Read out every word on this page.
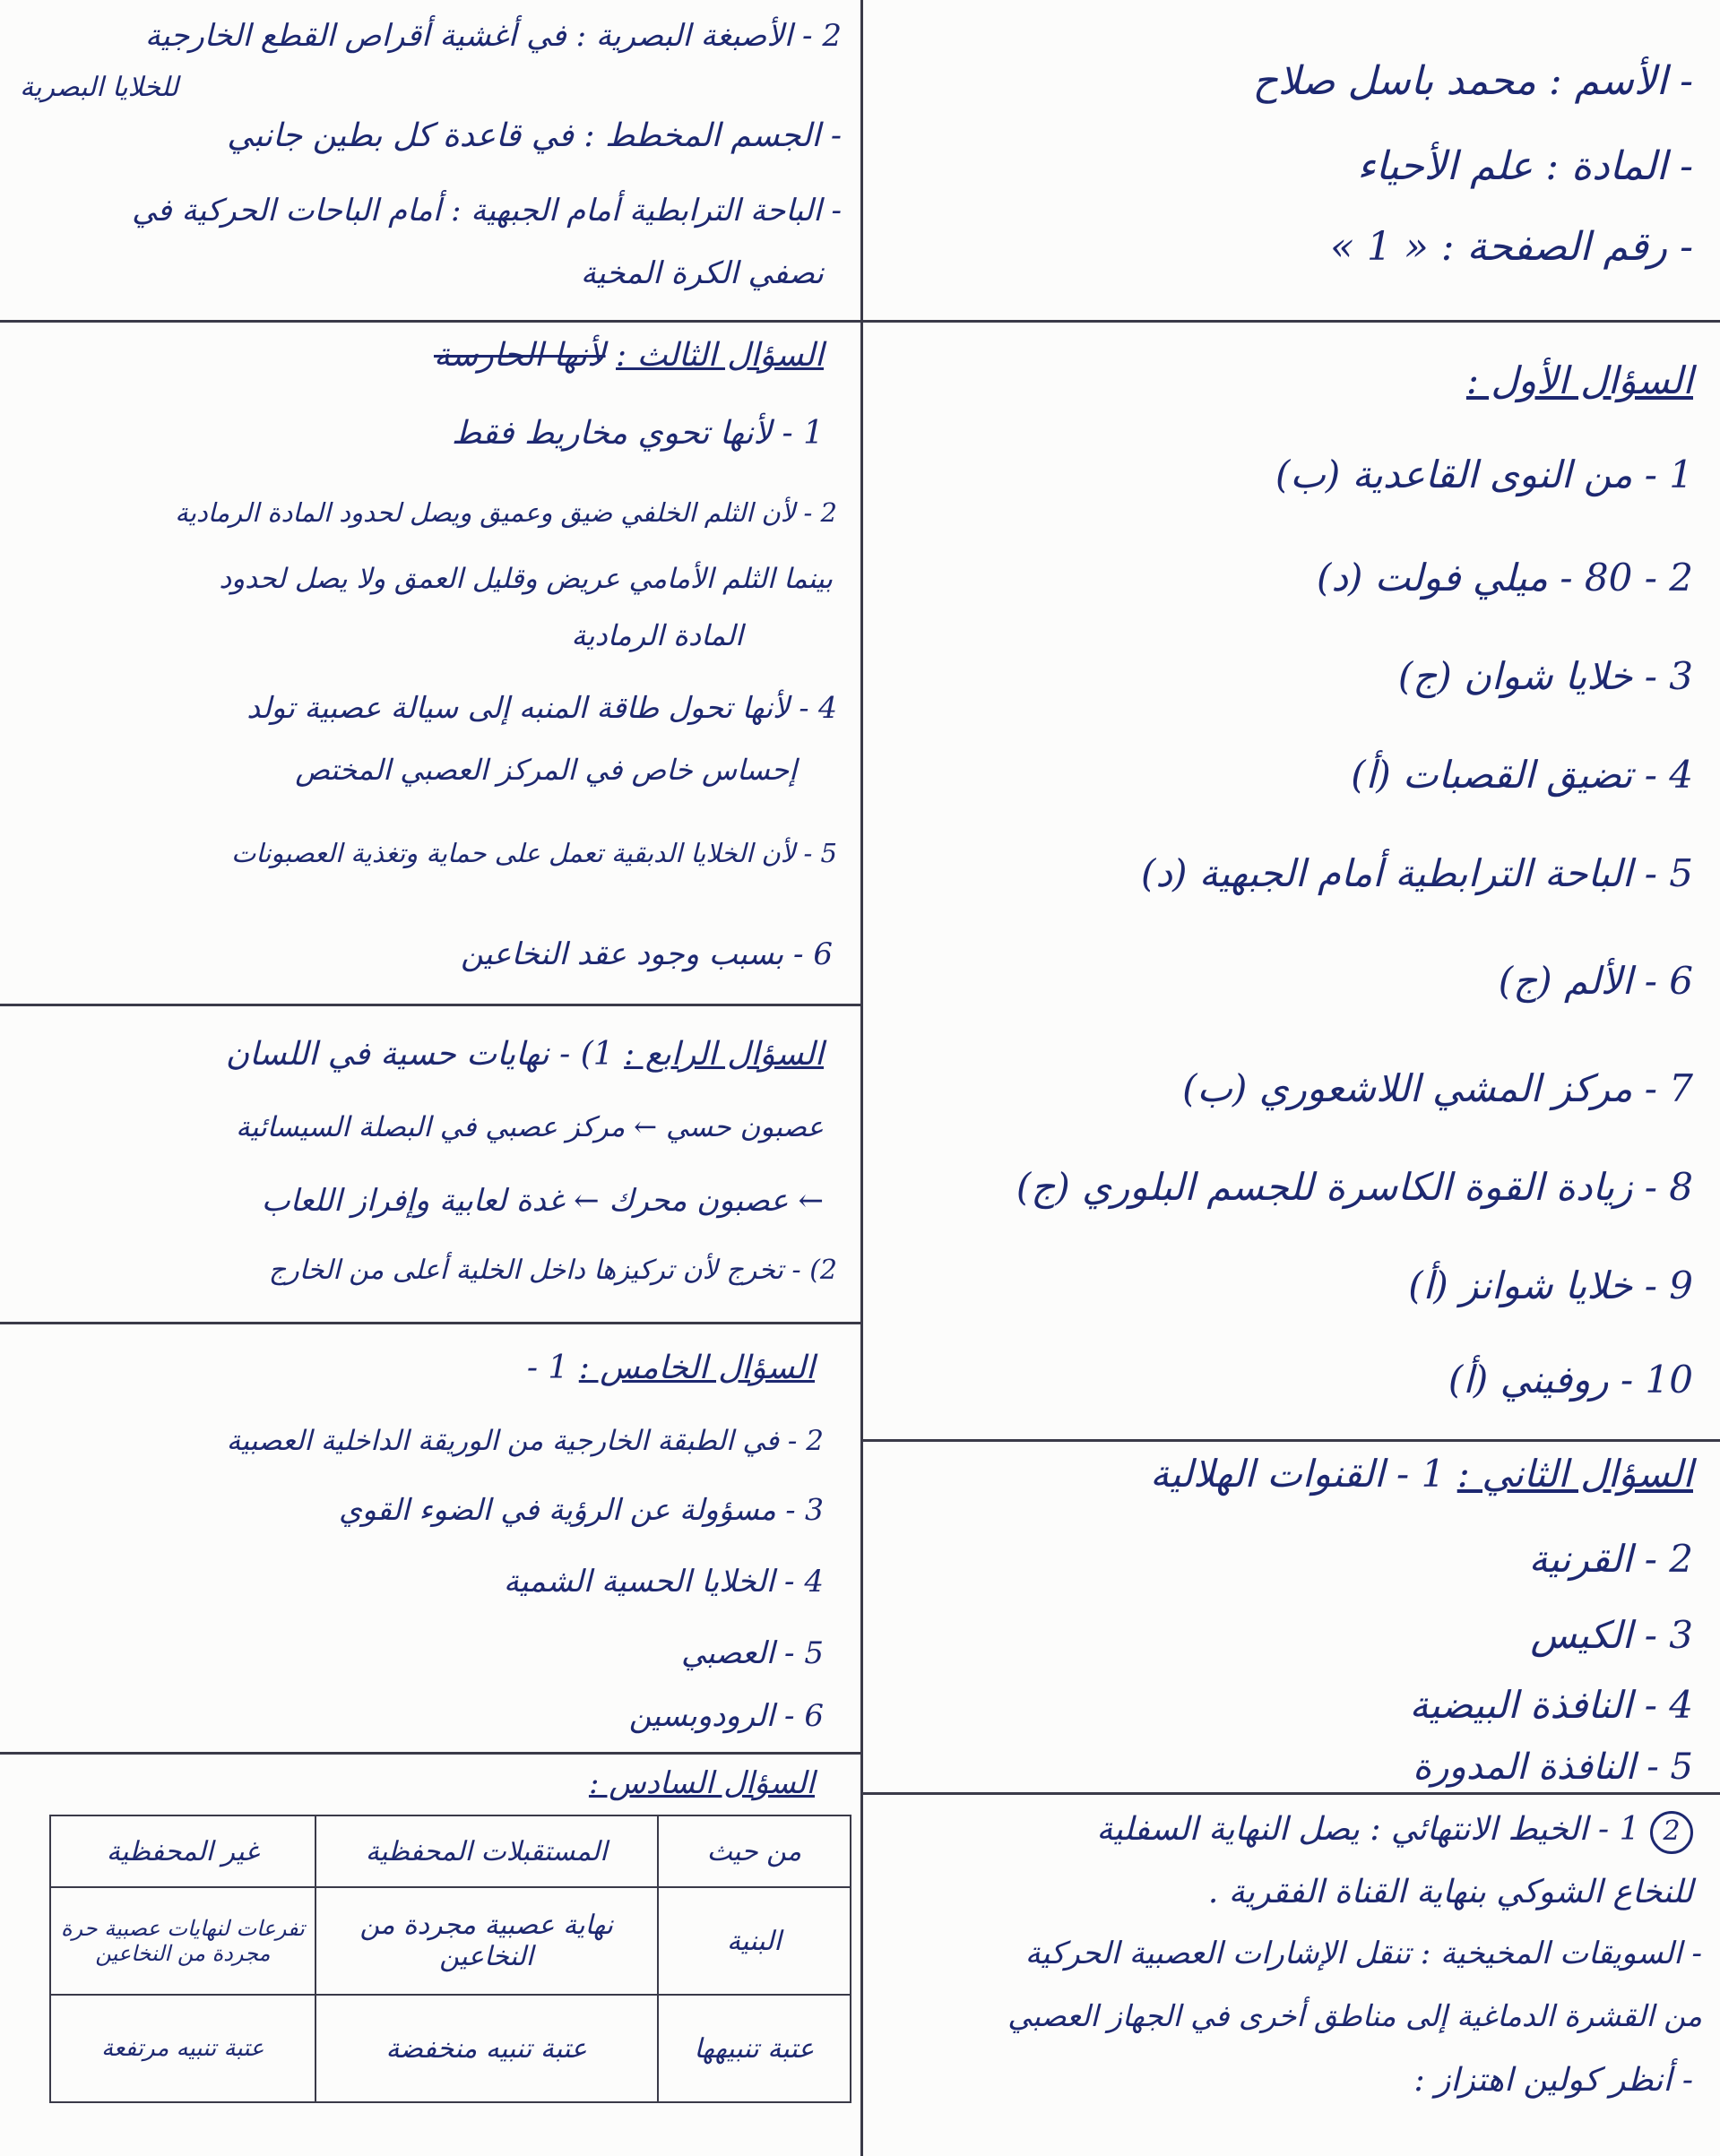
- الأسم : محمد باسل صلاح
- المادة : علم الأحياء
- رقم الصفحة : « 1 »
السؤال الأول :
1 - من النوى القاعدية (ب)
2 - 80 - ميلي فولت (د)
3 - خلايا شوان (ج)
4 - تضيق القصبات (أ)
5 - الباحة الترابطية أمام الجبهية (د)
6 - الألم (ج)
7 - مركز المشي اللاشعوري (ب)
8 - زيادة القوة الكاسرة للجسم البلوري (ج)
9 - خلايا شوانز (أ)
10 - روفيني (أ)
السؤال الثاني : 1 - القنوات الهلالية
2 - القرنية
3 - الكيس
4 - النافذة البيضية
5 - النافذة المدورة
2 1 - الخيط الانتهائي : يصل النهاية السفلية
للنخاع الشوكي بنهاية القناة الفقرية .
- السويقات المخيخية : تنقل الإشارات العصبية الحركية
من القشرة الدماغية إلى مناطق أخرى في الجهاز العصبي
- أنظر كولين اهتزاز :
2 - الأصبغة البصرية : في أغشية أقراص القطع الخارجية
للخلايا البصرية
- الجسم المخطط : في قاعدة كل بطين جانبي
- الباحة الترابطية أمام الجبهية : أمام الباحات الحركية في
نصفي الكرة المخية
السؤال الثالث : لأنها الحارسة
1 - لأنها تحوي مخاريط فقط
2 - لأن الثلم الخلفي ضيق وعميق ويصل لحدود المادة الرمادية
بينما الثلم الأمامي عريض وقليل العمق ولا يصل لحدود
المادة الرمادية
4 - لأنها تحول طاقة المنبه إلى سيالة عصبية تولد
إحساس خاص في المركز العصبي المختص
5 - لأن الخلايا الدبقية تعمل على حماية وتغذية العصبونات
6 - بسبب وجود عقد النخاعين
السؤال الرابع : 1) - نهايات حسية في اللسان
عصبون حسي ← مركز عصبي في البصلة السيسائية
← عصبون محرك ← غدة لعابية وإفراز اللعاب
2) - تخرج لأن تركيزها داخل الخلية أعلى من الخارج
السؤال الخامس : 1 -
2 - في الطبقة الخارجية من الوريقة الداخلية العصبية
3 - مسؤولة عن الرؤية في الضوء القوي
4 - الخلايا الحسية الشمية
5 - العصبي
6 - الرودوبسين
السؤال السادس :
من حيث	المستقبلات المحفظية	غير المحفظية
البنية	نهاية عصبية مجردة من النخاعين	تفرعات لنهايات عصبية حرة مجردة من النخاعين
عتبة تنبيهها	عتبة تنبيه منخفضة	عتبة تنبيه مرتفعة
